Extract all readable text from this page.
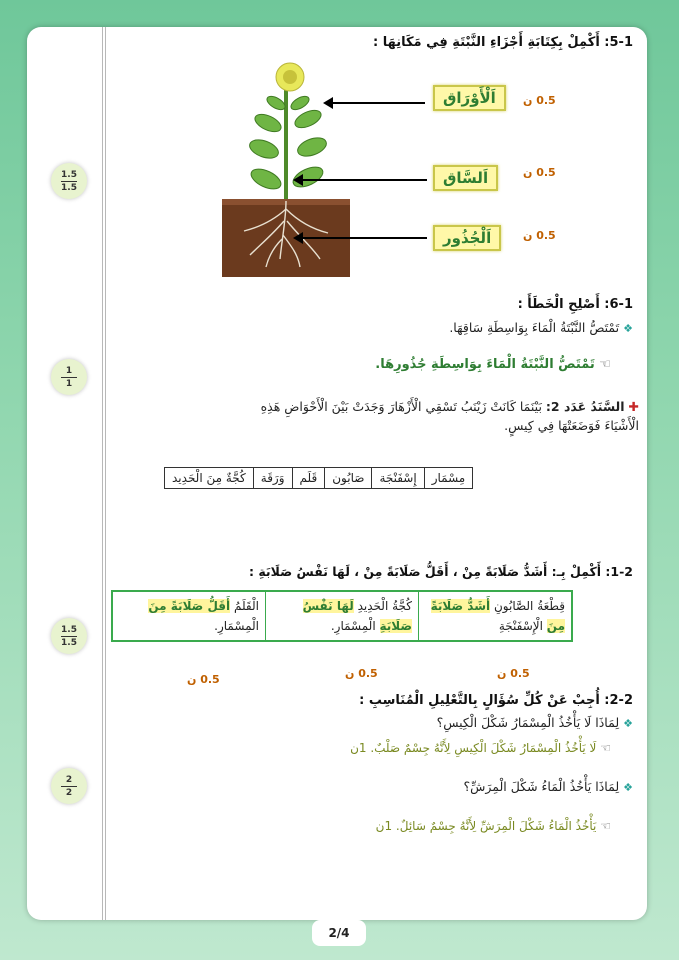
1.5
1.5
1
1
1.5
1.5
2
2
5-1: أَكْمِلْ بِكِتَابَةِ أَجْزَاءِ النَّبْتَةِ فِي مَكَانِهَا :
اَلْأَوْرَاق
اَلسَّاق
اَلْجُذُور
0.5 ن
0.5 ن
0.5 ن
6-1: أَصْلِحِ الْخَطَأَ :
❖ تَمْتَصُّ النَّبْتَةُ الْمَاءَ بِوَاسِطَةِ سَاقِهَا.
☜ تَمْتَصُّ النَّبْتَةُ الْمَاءَ بِوَاسِطَةِ جُذُورِهَا.
✚ السَّنَدُ عَدَد 2: بَيْنَمَا كَانَتْ زَيْنَبُ تَسْقِي الْأَزْهَارَ وَجَدَتْ بَيْنَ الْأَحْوَاضِ هَذِهِ
الْأَشْيَاءَ فَوَضَعَتْهَا فِي كِيسٍ.
مِسْمَار	إِسْفَنْجَة	صَابُون	قَلَم	وَرَقَة	كُجَّةٌ مِنَ الْحَدِيد
1-2: أَكْمِلْ بِـ: أَشَدُّ صَلَابَةً مِنْ ، أَقَلُّ صَلَابَةً مِنْ ، لَهَا نَفْسُ صَلَابَةِ :
قِطْعَةُ الصَّابُونِ أَشَدُّ صَلَابَةً مِنَ الْإِسْفَنْجَةِ	كُجَّةُ الْحَدِيدِ لَهَا نَفْسُ صَلَابَةِ الْمِسْمَارِ.	الْقَلَمُ أَقَلُّ صَلَابَةً مِنَ الْمِسْمَارِ.
0.5 ن
0.5 ن
0.5 ن
2-2: أُجِبْ عَنْ كُلِّ سُؤَالٍ بِالتَّعْلِيلِ الْمُنَاسِبِ :
❖ لِمَاذَا لَا يَأْخُذُ الْمِسْمَارُ شَكْلَ الْكِيسِ؟
☜ لَا يَأْخُذُ الْمِسْمَارُ شَكْلَ الْكِيسِ لِأَنَّهُ جِسْمٌ صَلْبٌ. 1ن
❖ لِمَاذَا يَأْخُذُ الْمَاءُ شَكْلَ الْمِرَشِّ؟
☜ يَأْخُذُ الْمَاءُ شَكْلَ الْمِرَشِّ لِأَنَّهُ جِسْمٌ سَائِلٌ. 1ن
2/4
